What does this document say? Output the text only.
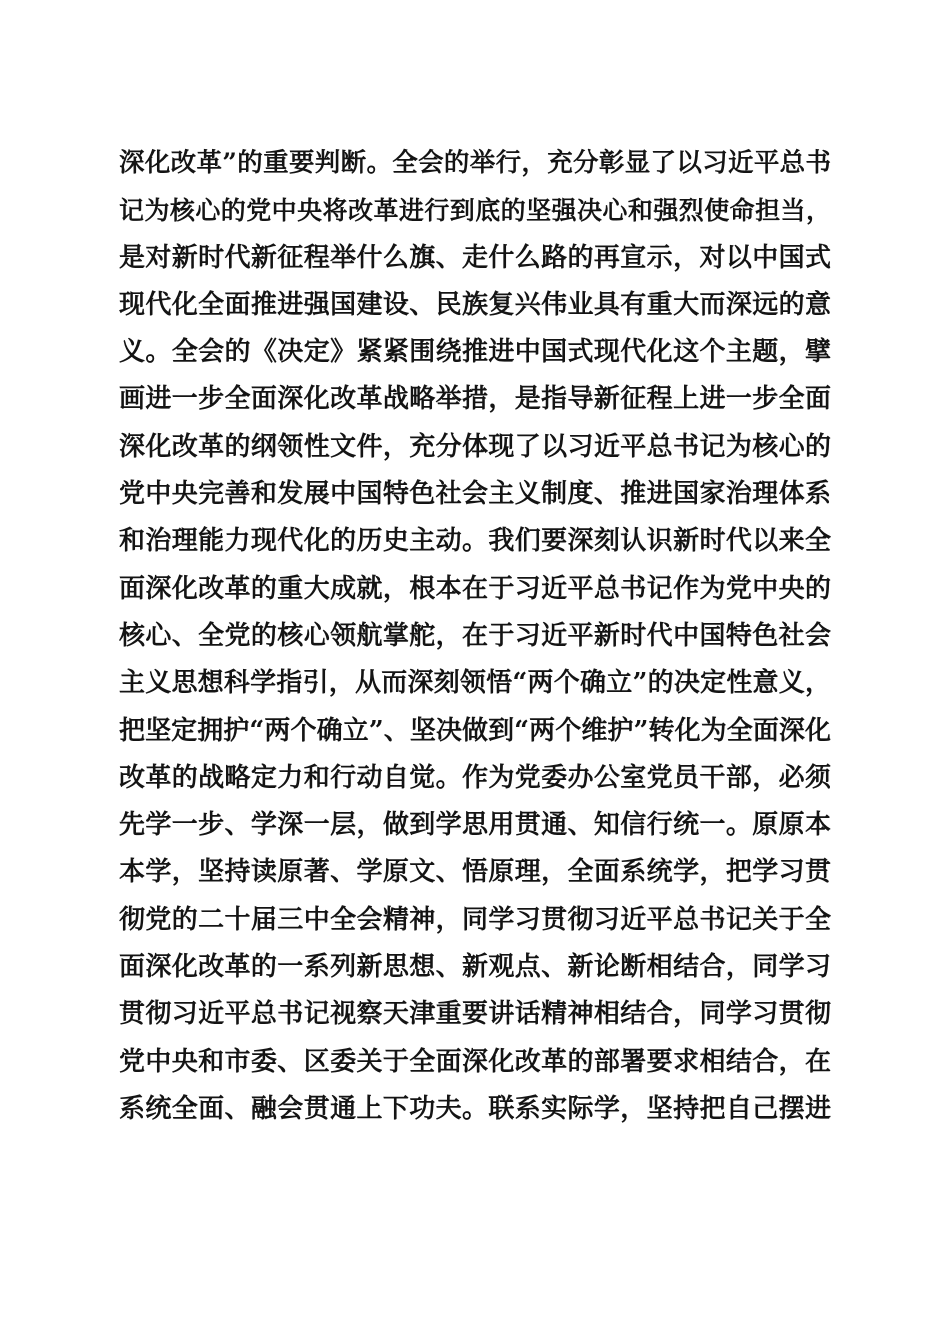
深化改革”的重要判断。全会的举行，充分彰显了以习近平总书
记为核心的党中央将改革进行到底的坚强决心和强烈使命担当，
是对新时代新征程举什么旗、走什么路的再宣示，对以中国式
现代化全面推进强国建设、民族复兴伟业具有重大而深远的意
义。全会的《决定》紧紧围绕推进中国式现代化这个主题，擘
画进一步全面深化改革战略举措，是指导新征程上进一步全面
深化改革的纲领性文件，充分体现了以习近平总书记为核心的
党中央完善和发展中国特色社会主义制度、推进国家治理体系
和治理能力现代化的历史主动。我们要深刻认识新时代以来全
面深化改革的重大成就，根本在于习近平总书记作为党中央的
核心、全党的核心领航掌舵，在于习近平新时代中国特色社会
主义思想科学指引，从而深刻领悟“两个确立”的决定性意义，
把坚定拥护“两个确立”、坚决做到“两个维护”转化为全面深化
改革的战略定力和行动自觉。作为党委办公室党员干部，必须
先学一步、学深一层，做到学思用贯通、知信行统一。原原本
本学，坚持读原著、学原文、悟原理，全面系统学，把学习贯
彻党的二十届三中全会精神，同学习贯彻习近平总书记关于全
面深化改革的一系列新思想、新观点、新论断相结合，同学习
贯彻习近平总书记视察天津重要讲话精神相结合，同学习贯彻
党中央和市委、区委关于全面深化改革的部署要求相结合，在
系统全面、融会贯通上下功夫。联系实际学，坚持把自己摆进
